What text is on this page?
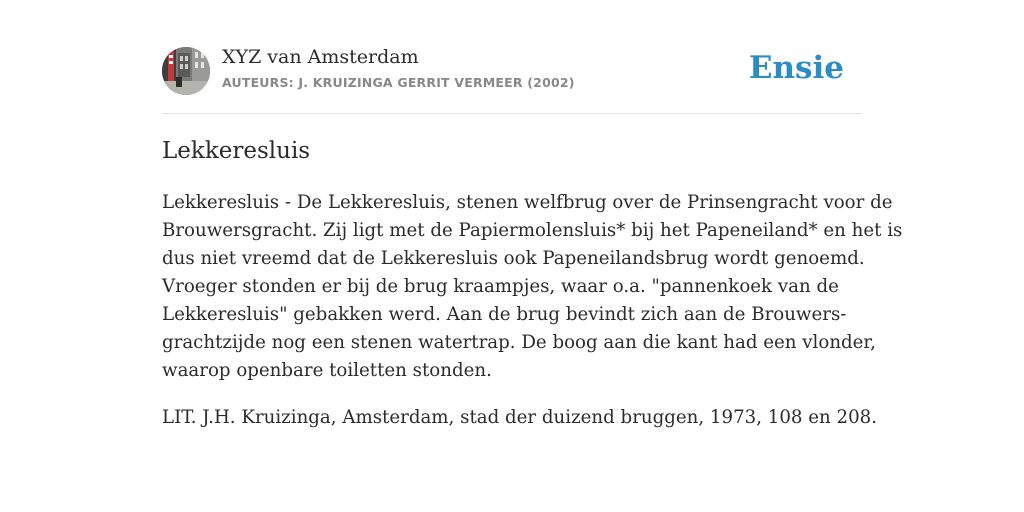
XYZ van Amsterdam
AUTEURS: J. KRUIZINGA GERRIT VERMEER (2002)	Ensie
Lekkeresluis

Lekkeresluis - De Lekkeresluis, stenen welfbrug over de Prinsengracht voor de

Brouwersgracht. Zij ligt met de Papiermolensluis* bij het Papeneiland* en het is

dus niet vreemd dat de Lekkeresluis ook Papeneilandsbrug wordt genoemd.

Vroeger stonden er bij de brug kraampjes, waar o.a. "pannenkoek van de

Lekkeresluis" gebakken werd. Aan de brug bevindt zich aan de Brouwers-

grachtzijde nog een stenen watertrap. De boog aan die kant had een vlonder,

waarop openbare toiletten stonden.

LIT. J.H. Kruizinga, Amsterdam, stad der duizend bruggen, 1973, 108 en 208.
